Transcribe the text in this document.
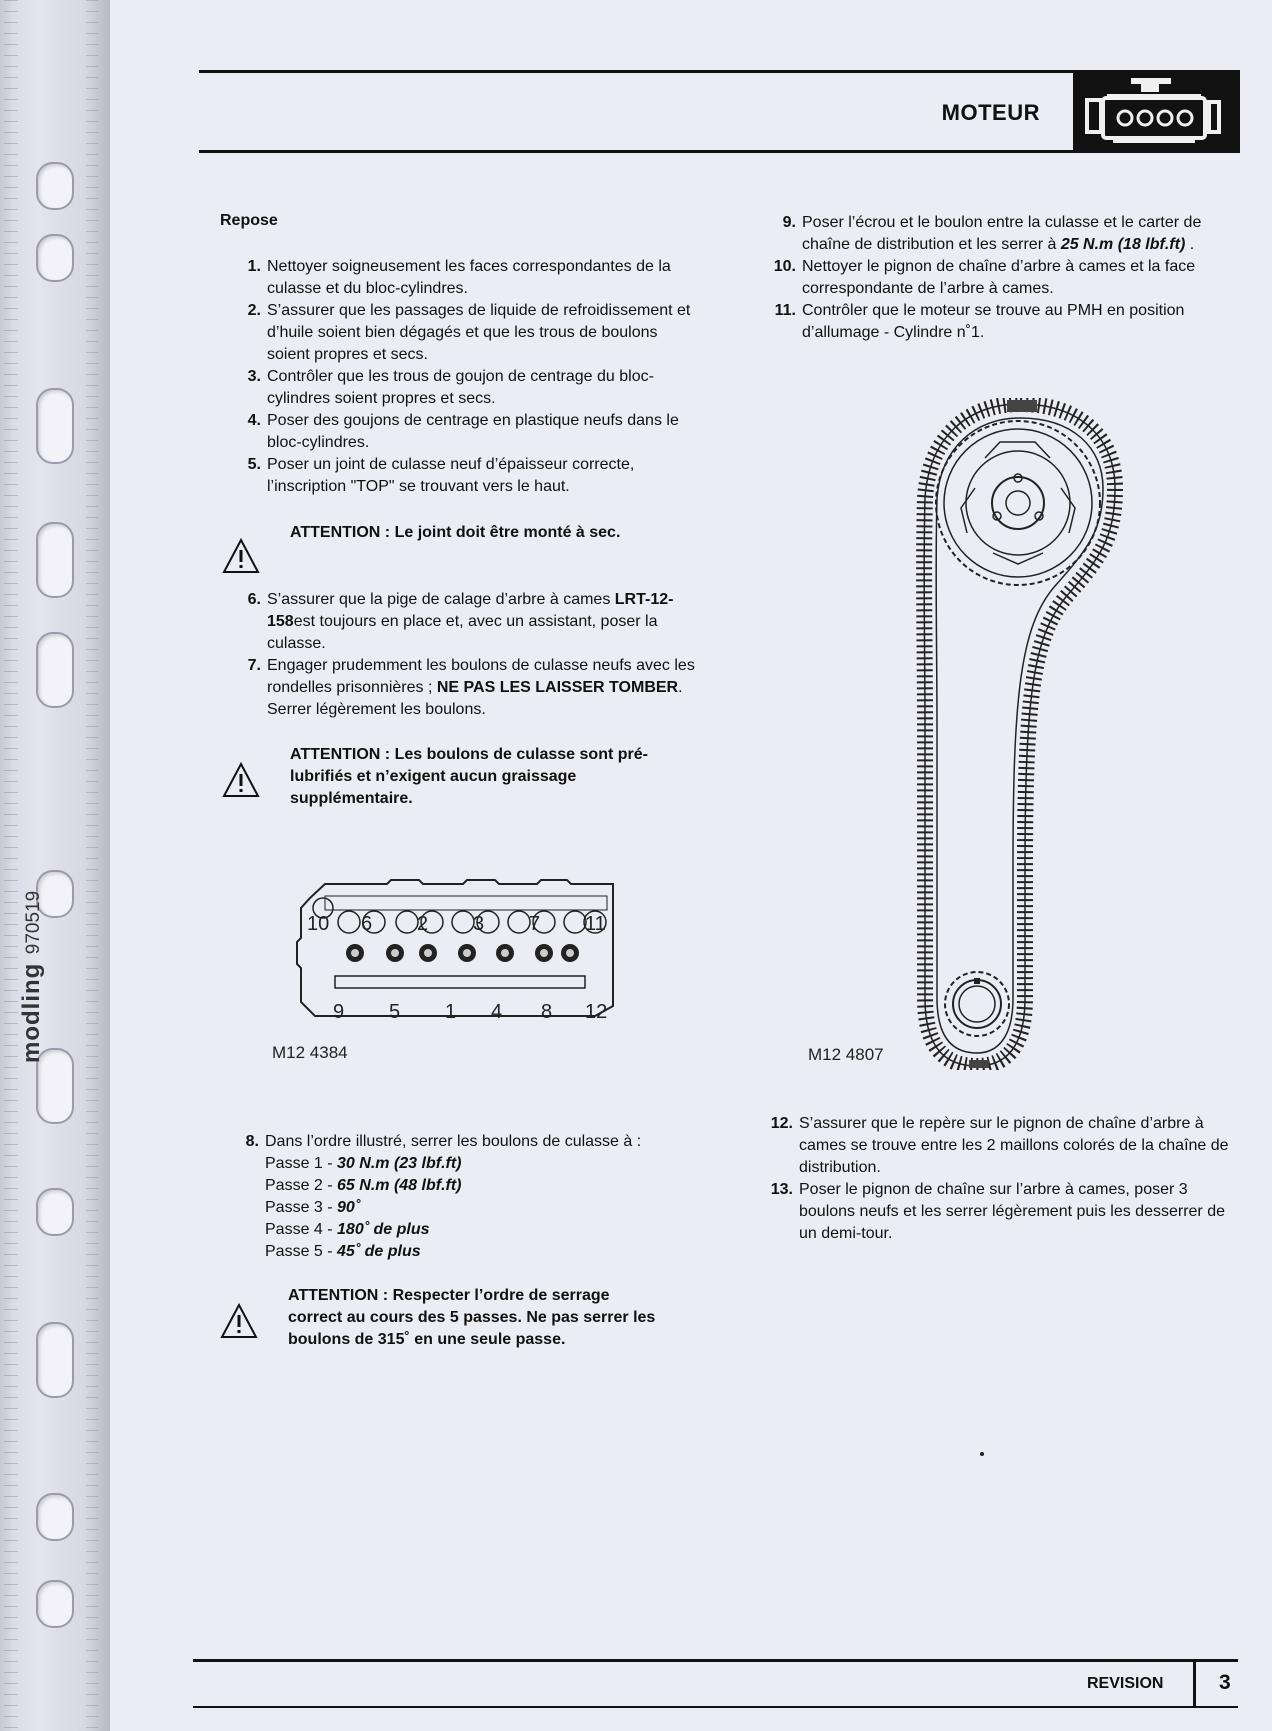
modling 970519
MOTEUR
Repose
1. Nettoyer soigneusement les faces correspondantes de la culasse et du bloc-cylindres.
2. S’assurer que les passages de liquide de refroidissement et d’huile soient bien dégagés et que les trous de boulons soient propres et secs.
3. Contrôler que les trous de goujon de centrage du bloc-cylindres soient propres et secs.
4. Poser des goujons de centrage en plastique neufs dans le bloc-cylindres.
5. Poser un joint de culasse neuf d’épaisseur correcte, l’inscription "TOP" se trouvant vers le haut.
ATTENTION : Le joint doit être monté à sec.
6. S’assurer que la pige de calage d’arbre à cames LRT-12-158est toujours en place et, avec un assistant, poser la culasse.
7. Engager prudemment les boulons de culasse neufs avec les rondelles prisonnières ; NE PAS LES LAISSER TOMBER. Serrer légèrement les boulons.
ATTENTION : Les boulons de culasse sont pré-lubrifiés et n’exigent aucun graissage supplémentaire.
10 6 2 3 7 11
9 5 1 4 8 12
M12 4384
8. Dans l’ordre illustré, serrer les boulons de culasse à :
Passe 1 - 30 N.m (23 lbf.ft)
Passe 2 - 65 N.m (48 lbf.ft)
Passe 3 - 90˚
Passe 4 - 180˚ de plus
Passe 5 - 45˚ de plus
ATTENTION : Respecter l’ordre de serrage correct au cours des 5 passes. Ne pas serrer les boulons de 315˚ en une seule passe.
9. Poser l’écrou et le boulon entre la culasse et le carter de chaîne de distribution et les serrer à 25 N.m (18 lbf.ft) .
10. Nettoyer le pignon de chaîne d’arbre à cames et la face correspondante de l’arbre à cames.
11. Contrôler que le moteur se trouve au PMH en position d’allumage - Cylindre n˚1.
M12 4807
12. S’assurer que le repère sur le pignon de chaîne d’arbre à cames se trouve entre les 2 maillons colorés de la chaîne de distribution.
13. Poser le pignon de chaîne sur l’arbre à cames, poser 3 boulons neufs et les serrer légèrement puis les desserrer de un demi-tour.
REVISION	3
